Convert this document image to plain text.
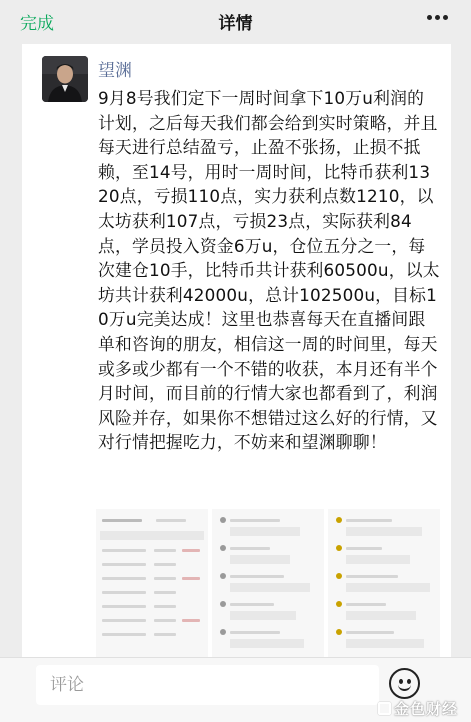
完成	详情
望渊
9月8号我们定下一周时间拿下10万u利润的计划，之后每天我们都会给到实时策略，并且每天进行总结盈亏，止盈不张扬，止损不抵赖，至14号，用时一周时间，比特币获利1320点，亏损110点，实力获利点数1210，以太坊获利107点，亏损23点，实际获利84点，学员投入资金6万u，仓位五分之一，每次建仓10手，比特币共计获利60500u，以太坊共计获利42000u，总计102500u，目标10万u完美达成！这里也恭喜每天在直播间跟单和咨询的朋友，相信这一周的时间里，每天或多或少都有一个不错的收获，本月还有半个月时间，而目前的行情大家也都看到了，利润风险并存，如果你不想错过这么好的行情，又对行情把握吃力，不妨来和望渊聊聊！
评论
金色财经
